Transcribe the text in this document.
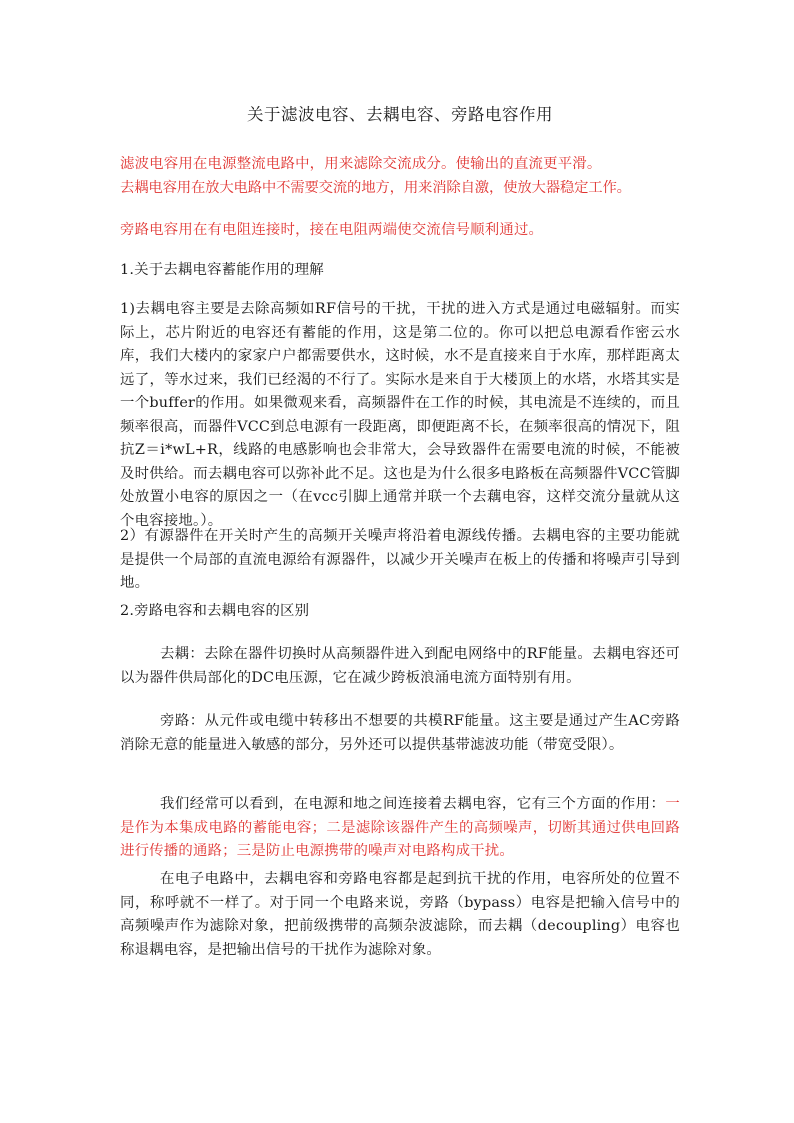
关于滤波电容、去耦电容、旁路电容作用

滤波电容用在电源整流电路中，用来滤除交流成分。使输出的直流更平滑。
去耦电容用在放大电路中不需要交流的地方，用来消除自激，使放大器稳定工作。

旁路电容用在有电阻连接时，接在电阻两端使交流信号顺利通过。

1.关于去耦电容蓄能作用的理解

1)去耦电容主要是去除高频如RF信号的干扰，干扰的进入方式是通过电磁辐射。而实际上，芯片附近的电容还有蓄能的作用，这是第二位的。你可以把总电源看作密云水库，我们大楼内的家家户户都需要供水，这时候，水不是直接来自于水库，那样距离太远了，等水过来，我们已经渴的不行了。实际水是来自于大楼顶上的水塔，水塔其实是一个buffer的作用。如果微观来看，高频器件在工作的时候，其电流是不连续的，而且频率很高，而器件VCC到总电源有一段距离，即便距离不长，在频率很高的情况下，阻抗Z＝i*wL+R，线路的电感影响也会非常大，会导致器件在需要电流的时候，不能被及时供给。而去耦电容可以弥补此不足。这也是为什么很多电路板在高频器件VCC管脚处放置小电容的原因之一（在vcc引脚上通常并联一个去藕电容，这样交流分量就从这个电容接地。）。

2）有源器件在开关时产生的高频开关噪声将沿着电源线传播。去耦电容的主要功能就是提供一个局部的直流电源给有源器件，以减少开关噪声在板上的传播和将噪声引导到地。

2.旁路电容和去耦电容的区别

去耦：去除在器件切换时从高频器件进入到配电网络中的RF能量。去耦电容还可以为器件供局部化的DC电压源，它在减少跨板浪涌电流方面特别有用。

旁路：从元件或电缆中转移出不想要的共模RF能量。这主要是通过产生AC旁路消除无意的能量进入敏感的部分，另外还可以提供基带滤波功能（带宽受限）。

我们经常可以看到，在电源和地之间连接着去耦电容，它有三个方面的作用：一是作为本集成电路的蓄能电容；二是滤除该器件产生的高频噪声，切断其通过供电回路进行传播的通路；三是防止电源携带的噪声对电路构成干扰。

在电子电路中，去耦电容和旁路电容都是起到抗干扰的作用，电容所处的位置不同，称呼就不一样了。对于同一个电路来说，旁路（bypass）电容是把输入信号中的高频噪声作为滤除对象，把前级携带的高频杂波滤除，而去耦（decoupling）电容也称退耦电容，是把输出信号的干扰作为滤除对象。
